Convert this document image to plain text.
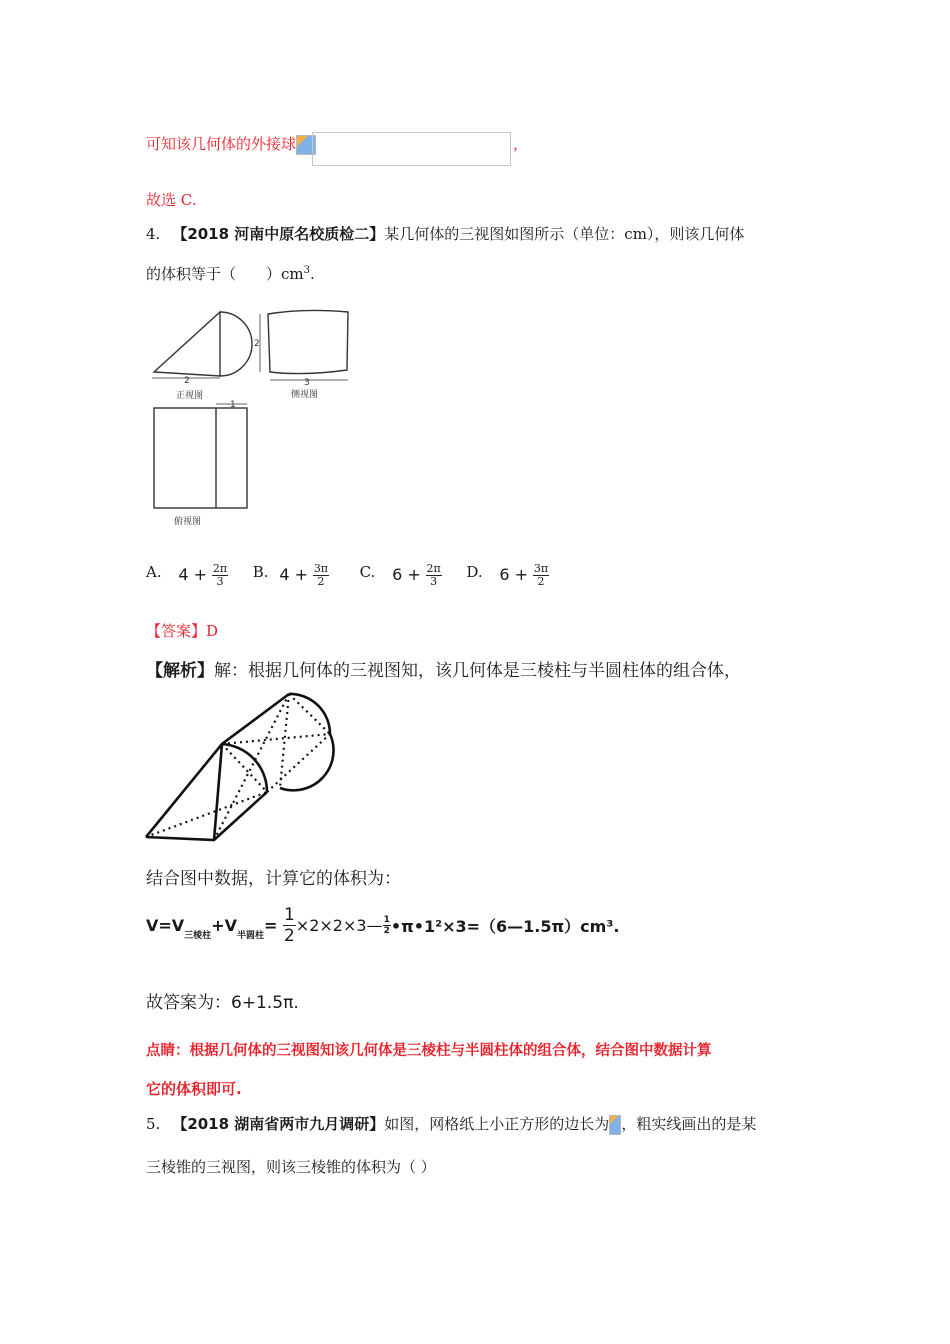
可知该几何体的外接球	，
故选 C.
4. 【2018 河南中原名校质检二】某几何体的三视图如图所示（单位：cm），则该几何体
的体积等于（　　）$cm^3$.
2
正视图
2
3
侧视图
1
俯视图
A. $4 + \frac{2\pi}{3} B$. $4 + \frac{3\pi}{2} C$. $6 + \frac{2\pi}{3} D$. $6 + \frac{3\pi}{2}$
【答案】D
【解析】解：根据几何体的三视图知，该几何体是三棱柱与半圆柱体的组合体，
结合图中数据，计算它的体积为：
$V=V_{三棱柱}+V_{半圆柱}= \frac{1}{2}$ ×2×2×3— $\frac{1}{2}$ •π•1²×3=（6—1.5π）cm³.
故答案为：6+1.5π.
点睛：根据几何体的三视图知该几何体是三棱柱与半圆柱体的组合体，结合图中数据计算
它的体积即可.
5. 【2018 湖南省两市九月调研】如图，网格纸上小正方形的边长为 ，粗实线画出的是某
三棱锥的三视图，则该三棱锥的体积为（ ）
